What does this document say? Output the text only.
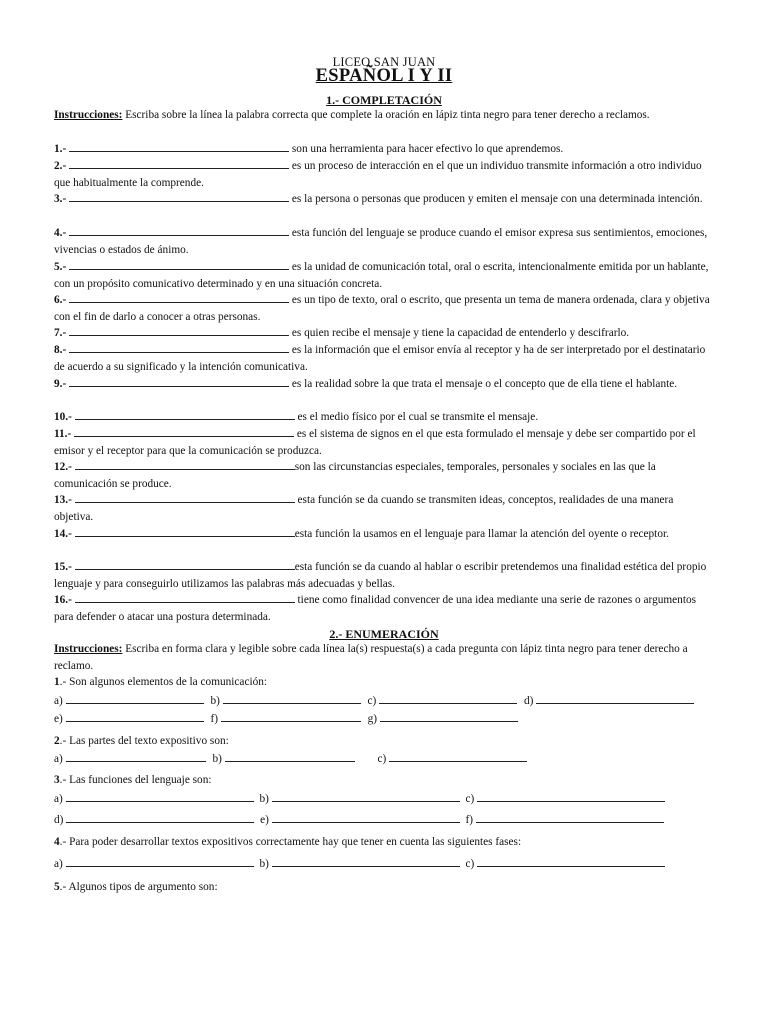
LICEO SAN JUAN
ESPAÑOL I Y II
1.- COMPLETACIÓN
Instrucciones: Escriba sobre la línea la palabra correcta que complete la oración en lápiz tinta negro para tener derecho a reclamos.
1.-	son una herramienta para hacer efectivo lo que aprendemos.
2.-	es un proceso de interacción en el que un individuo transmite información a otro individuo que habitualmente la comprende.
3.-	es la persona o personas que producen y emiten el mensaje con una determinada intención.
4.-	esta función del lenguaje se produce cuando el emisor expresa sus sentimientos, emociones, vivencias o estados de ánimo.
5.-	es la unidad de comunicación total, oral o escrita, intencionalmente emitida por un hablante, con un propósito comunicativo determinado y en una situación concreta.
6.-	es un tipo de texto, oral o escrito, que presenta un tema de manera ordenada, clara y objetiva con el fin de darlo a conocer a otras personas.
7.-	es quien recibe el mensaje y tiene la capacidad de entenderlo y descifrarlo.
8.-	es la información que el emisor envía al receptor y ha de ser interpretado por el destinatario de acuerdo a su significado y la intención comunicativa.
9.-	es la realidad sobre la que trata el mensaje o el concepto que de ella tiene el hablante.
10.-	es el medio físico por el cual se transmite el mensaje.
11.-	es el sistema de signos en el que esta formulado el mensaje y debe ser compartido por el emisor y el receptor para que la comunicación se produzca.
12.-	son las circunstancias especiales, temporales, personales y sociales en las que la comunicación se produce.
13.-	esta función se da cuando se transmiten ideas, conceptos, realidades de una manera objetiva.
14.-	esta función la usamos en el lenguaje para llamar la atención del oyente o receptor.
15.-	esta función se da cuando al hablar o escribir pretendemos una finalidad estética del propio lenguaje y para conseguirlo utilizamos las palabras más adecuadas y bellas.
16.-	tiene como finalidad convencer de una idea mediante una serie de razones o argumentos para defender o atacar una postura determinada.
2.- ENUMERACIÓN
Instrucciones: Escriba en forma clara y legible sobre cada línea la(s) respuesta(s) a cada pregunta con lápiz tinta negro para tener derecho a reclamo.
1.- Son algunos elementos de la comunicación:
a)	b)	c)	d)
e)	f)	g)
2.- Las partes del texto expositivo son:
a)	b)	c)
3.- Las funciones del lenguaje son:
a)	b)	c)
d)	e)	f)
4.- Para poder desarrollar textos expositivos correctamente hay que tener en cuenta las siguientes fases:
a)	b)	c)
5.- Algunos tipos de argumento son:
